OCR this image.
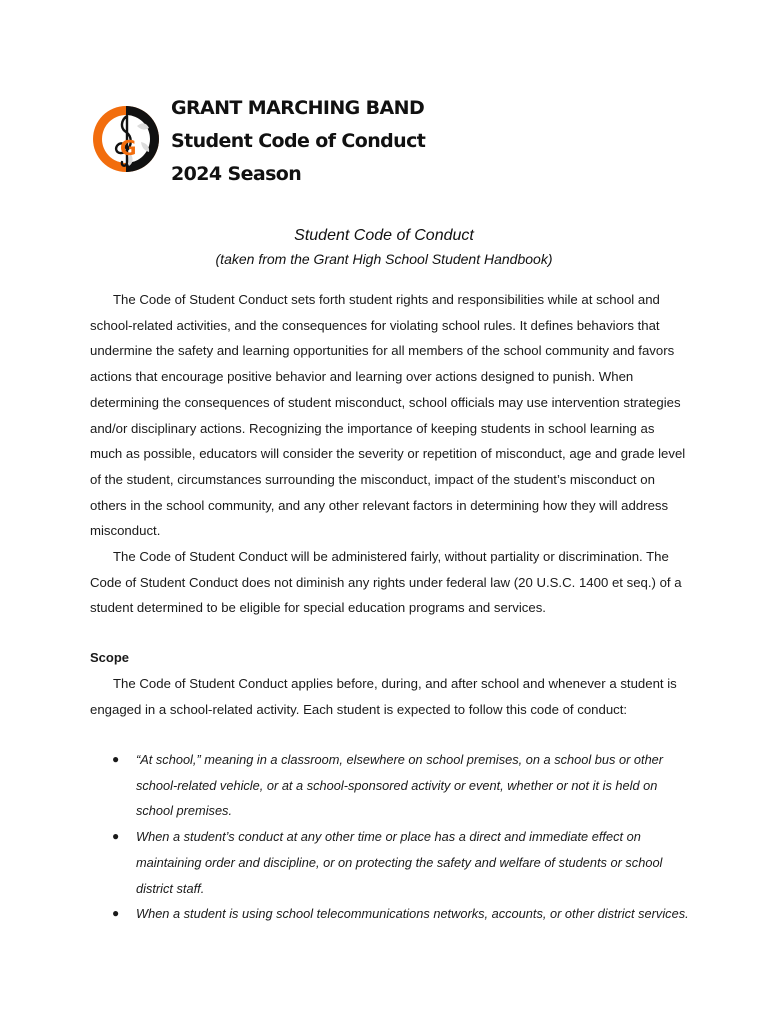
G
GRANT MARCHING BAND
Student Code of Conduct
2024 Season
Student Code of Conduct
(taken from the Grant High School Student Handbook)

The Code of Student Conduct sets forth student rights and responsibilities while at school and school-related activities, and the consequences for violating school rules. It defines behaviors that undermine the safety and learning opportunities for all members of the school community and favors actions that encourage positive behavior and learning over actions designed to punish. When determining the consequences of student misconduct, school officials may use intervention strategies and/or disciplinary actions. Recognizing the importance of keeping students in school learning as much as possible, educators will consider the severity or repetition of misconduct, age and grade level of the student, circumstances surrounding the misconduct, impact of the student’s misconduct on others in the school community, and any other relevant factors in determining how they will address misconduct.

The Code of Student Conduct will be administered fairly, without partiality or discrimination. The Code of Student Conduct does not diminish any rights under federal law (20 U.S.C. 1400 et seq.) of a student determined to be eligible for special education programs and services.

Scope

The Code of Student Conduct applies before, during, and after school and whenever a student is engaged in a school-related activity. Each student is expected to follow this code of conduct:

● “At school,” meaning in a classroom, elsewhere on school premises, on a school bus or other school-related vehicle, or at a school-sponsored activity or event, whether or not it is held on school premises.
● When a student’s conduct at any other time or place has a direct and immediate effect on maintaining order and discipline, or on protecting the safety and welfare of students or school district staff.
● When a student is using school telecommunications networks, accounts, or other district services.
